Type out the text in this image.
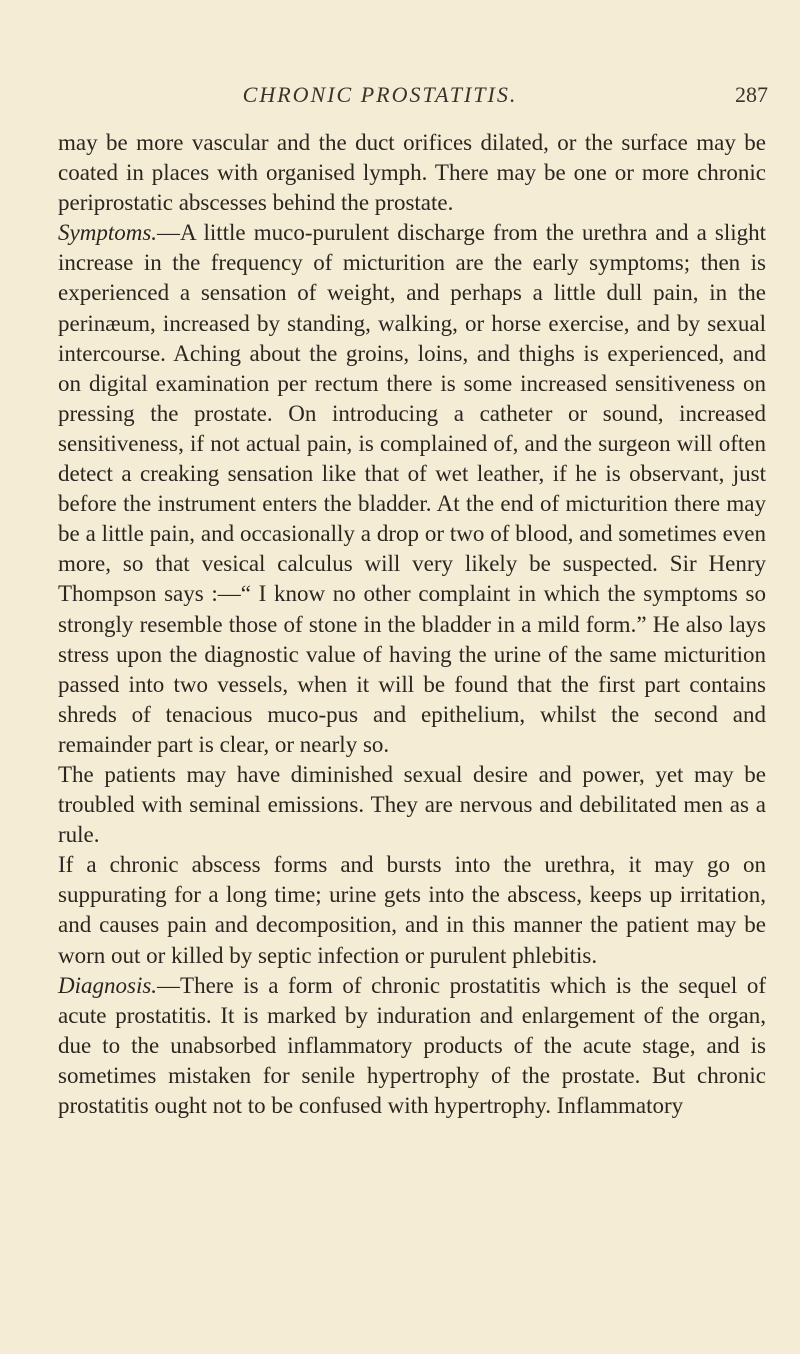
CHRONIC PROSTATITIS.	287

may be more vascular and the duct orifices dilated, or the surface may be coated in places with organised lymph. There may be one or more chronic periprostatic abscesses behind the prostate.

Symptoms.—A little muco-purulent discharge from the urethra and a slight increase in the frequency of micturition are the early symptoms; then is experienced a sensation of weight, and perhaps a little dull pain, in the perinæum, increased by standing, walking, or horse exercise, and by sexual intercourse. Aching about the groins, loins, and thighs is experienced, and on digital examination per rectum there is some increased sensitiveness on pressing the prostate. On introducing a catheter or sound, increased sensitiveness, if not actual pain, is complained of, and the surgeon will often detect a creaking sensation like that of wet leather, if he is observant, just before the instrument enters the bladder. At the end of micturition there may be a little pain, and occasionally a drop or two of blood, and sometimes even more, so that vesical calculus will very likely be suspected. Sir Henry Thompson says :—“ I know no other complaint in which the symptoms so strongly resemble those of stone in the bladder in a mild form.” He also lays stress upon the diagnostic value of having the urine of the same micturition passed into two vessels, when it will be found that the first part contains shreds of tenacious muco-pus and epithelium, whilst the second and remainder part is clear, or nearly so.

The patients may have diminished sexual desire and power, yet may be troubled with seminal emissions. They are nervous and debilitated men as a rule.

If a chronic abscess forms and bursts into the urethra, it may go on suppurating for a long time; urine gets into the abscess, keeps up irritation, and causes pain and decomposition, and in this manner the patient may be worn out or killed by septic infection or purulent phlebitis.

Diagnosis.—There is a form of chronic prostatitis which is the sequel of acute prostatitis. It is marked by induration and enlargement of the organ, due to the unabsorbed inflammatory products of the acute stage, and is sometimes mistaken for senile hypertrophy of the prostate. But chronic prostatitis ought not to be confused with hypertrophy. Inflammatory
